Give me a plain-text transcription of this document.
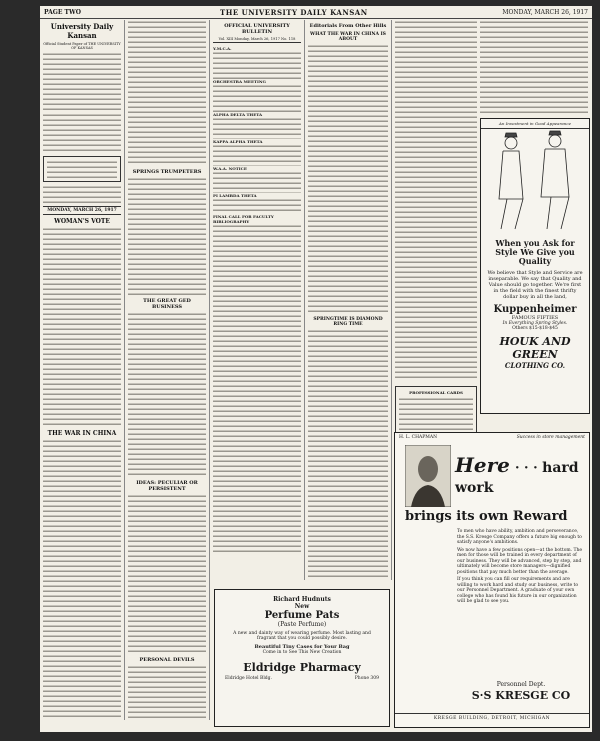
PAGE TWO	THE UNIVERSITY DAILY KANSAN	MONDAY, MARCH 26, 1917
University Daily Kansan
Official Student Paper of THE UNIVERSITY OF KANSAS
MONDAY, MARCH 26, 1917
WOMAN'S VOTE
THE WAR IN CHINA
SPRINGS TRUMPETERS
THE GREAT GED BUSINESS
IDEAS: PECULIAR OR PERSISTENT
PERSONAL DEVILS
OFFICIAL UNIVERSITY BULLETIN
Vol. XIII Monday, March 26, 1917 No. 118
Y.M.C.A.
ORCHESTRA MEETING
ALPHA DELTA THETA
KAPPA ALPHA THETA
W.A.A. NOTICE
PI LAMBDA THETA
FINAL CALL FOR FACULTY BIBLIOGRAPHY
Richard Hudnuts
New
Perfume Pats
(Paste Perfume)
A new and dainty way of wearing perfume. Most lasting and fragrant that you could possibly desire.
Beautiful Tiny Cases for Your Bag
Come in to See This New Creation
Eldridge Pharmacy
Eldridge Hotel Bldg.	Phone 309
Editorials From Other Hills
WHAT THE WAR IN CHINA IS ABOUT
SPRINGTIME IS DIAMOND RING TIME
PROFESSIONAL CARDS
An Investment in Good Appearance
When you Ask for Style We Give you Quality
We believe that Style and Service are inseparable. We say that Quality and Value should go together. We're first in the field with the finest thrifty dollar buy in all the land,
Kuppenheimer
FAMOUS FIFTIES
In Everything Spring Styles.
Others $15-$18-$45
HOUK AND GREEN
CLOTHING CO.
H. L. CHAPMAN	Success in store management
Here · · · hard work
brings its own Reward
To men who have ability, ambition and perseverance, the S.S. Kresge Company offers a future big enough to satisfy anyone's ambitions.
We now have a few positions open—at the bottom. The men for those will be trained in every department of our business. They will be advanced, step by step, and ultimately will become store managers—dignified positions that pay much better than the average.
If you think you can fill our requirements and are willing to work hard and study our business, write to our Personnel Department. A graduate of your own college who has found his future in our organization will be glad to see you.
Personnel Dept.
S·S KRESGE CO
KRESGE BUILDING, DETROIT, MICHIGAN
